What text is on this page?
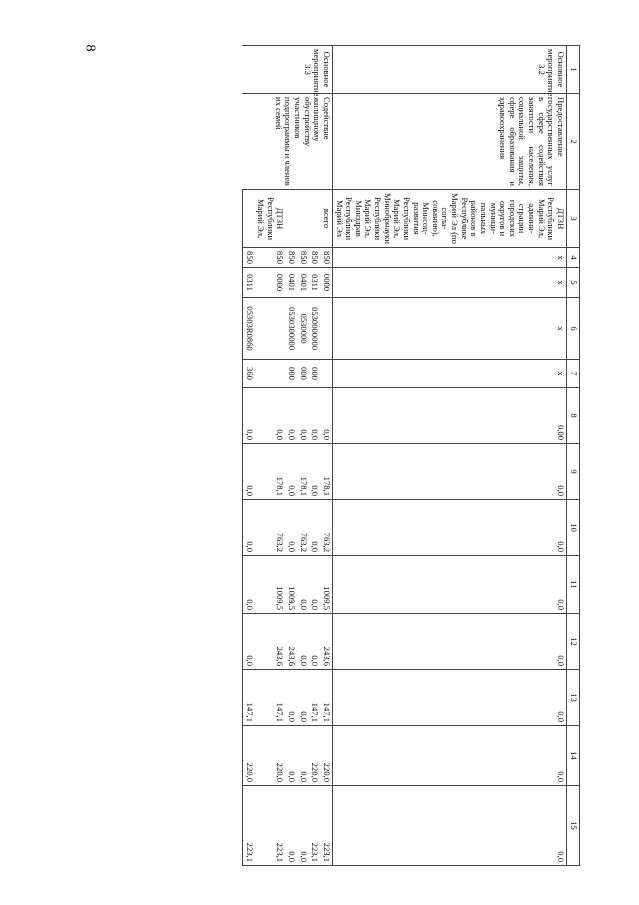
8
1	2	3	4	5	6	7	8	9	10	11	12	13	14	15
Основное мероприятие 3.2	Предоставление государственных услуг в сфере содействия занятости населения, социальной защиты, сфере образования и здравоохранения	ДТЗН Республики Марий Эл, админи-страции городских округов и муници-пальных районов в Республике Марий Эл (по согла-сованию), Минсоц-развития Республики Марий Эл, Минобрнауки Республики Марий Эл, Минздрав Республики Марий Эл	х	х	х	х	0,00	0,0	0,0	0,0	0,0	0,0	0,0	0,0
Основное мероприятие 3.3	Содействие жилищному обустройству участников подпрограммы и членов их семей	всего	850	0000			0,0	178,1	763,2	1009,5	243,6	147,1	220,0	223,1
			850	0311	0530000000	000	0,0	0,0	0,0	0,0	0,0	147,1	220,0	223,1
			850	0401	0530000	000	0,0	178,1	763,2	0,0	0,0	0,0	0,0	0,0
			850	0401	0530300000	000	0,0	0,0	0,0	1009,5	243,6	0,0	0,0	0,0
		ДТЗН Республики Марий Эл,	850	0000			0,0	178,1	763,2	1009,5	243,6	147,1	220,0	223,1
			850	0311	05303R0860	360	0,0	0,0	0,0	0,0	0,0	147,1	220,0	223,1
